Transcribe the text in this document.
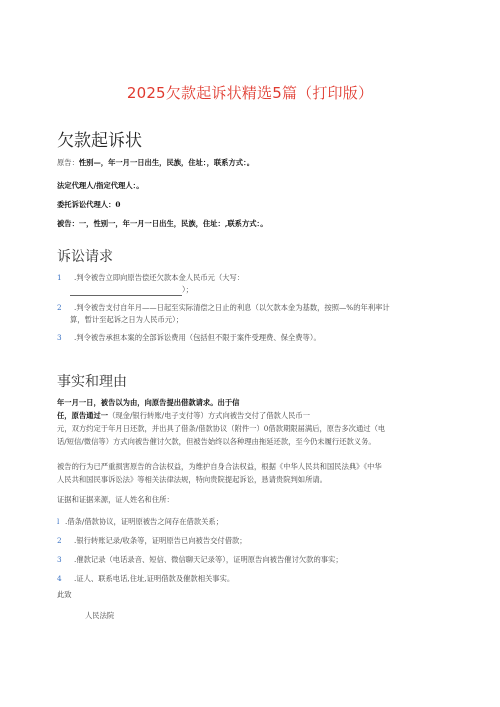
2025欠款起诉状精选5篇（打印版）
欠款起诉状
原告：性别—，年一月一日出生，民族，住址：，联系方式：。
法定代理人/指定代理人：。
委托诉讼代理人：0
被告：一，性别一，年一月一日出生，民族，住址：,联系方式：。
诉讼请求
1 .判令被告立即向原告偿还欠款本金人民币元（大写：
）；
2 .判令被告支付自年月——日起至实际清偿之日止的利息（以欠款本金为基数，按照—%的年利率计
算，暂计至起诉之日为人民币元）；
3 .判令被告承担本案的全部诉讼费用（包括但不限于案件受理费、保全费等）。
事实和理由
年一月一日，被告以为由，向原告提出借款请求。出于信
任，原告通过一（现金/银行转账/电子支付等）方式向被告交付了借款人民币一
元，双方约定于年月日还款，并出具了借条/借款协议（附件一）0借款期限届满后，原告多次通过（电
话/短信/微信等）方式向被告催讨欠款，但被告始终以各种理由拖延还款，至今仍未履行还款义务。
被告的行为已严重损害原告的合法权益，为维护自身合法权益，根据《中华人民共和国民法典》《中华
人民共和国民事诉讼法》等相关法律法规，特向贵院提起诉讼，恳请贵院判如所请。
证据和证据来源，证人姓名和住所：
l .借条/借款协议，证明原被告之间存在借款关系；
2 .银行转账记录/收条等，证明原告已向被告交付借款；
3 .催款记录（电话录音、短信、微信聊天记录等），证明原告向被告催讨欠款的事实；
4 .证人、联系电话,住址,证明借款及催款相关事实。
此致
人民法院
